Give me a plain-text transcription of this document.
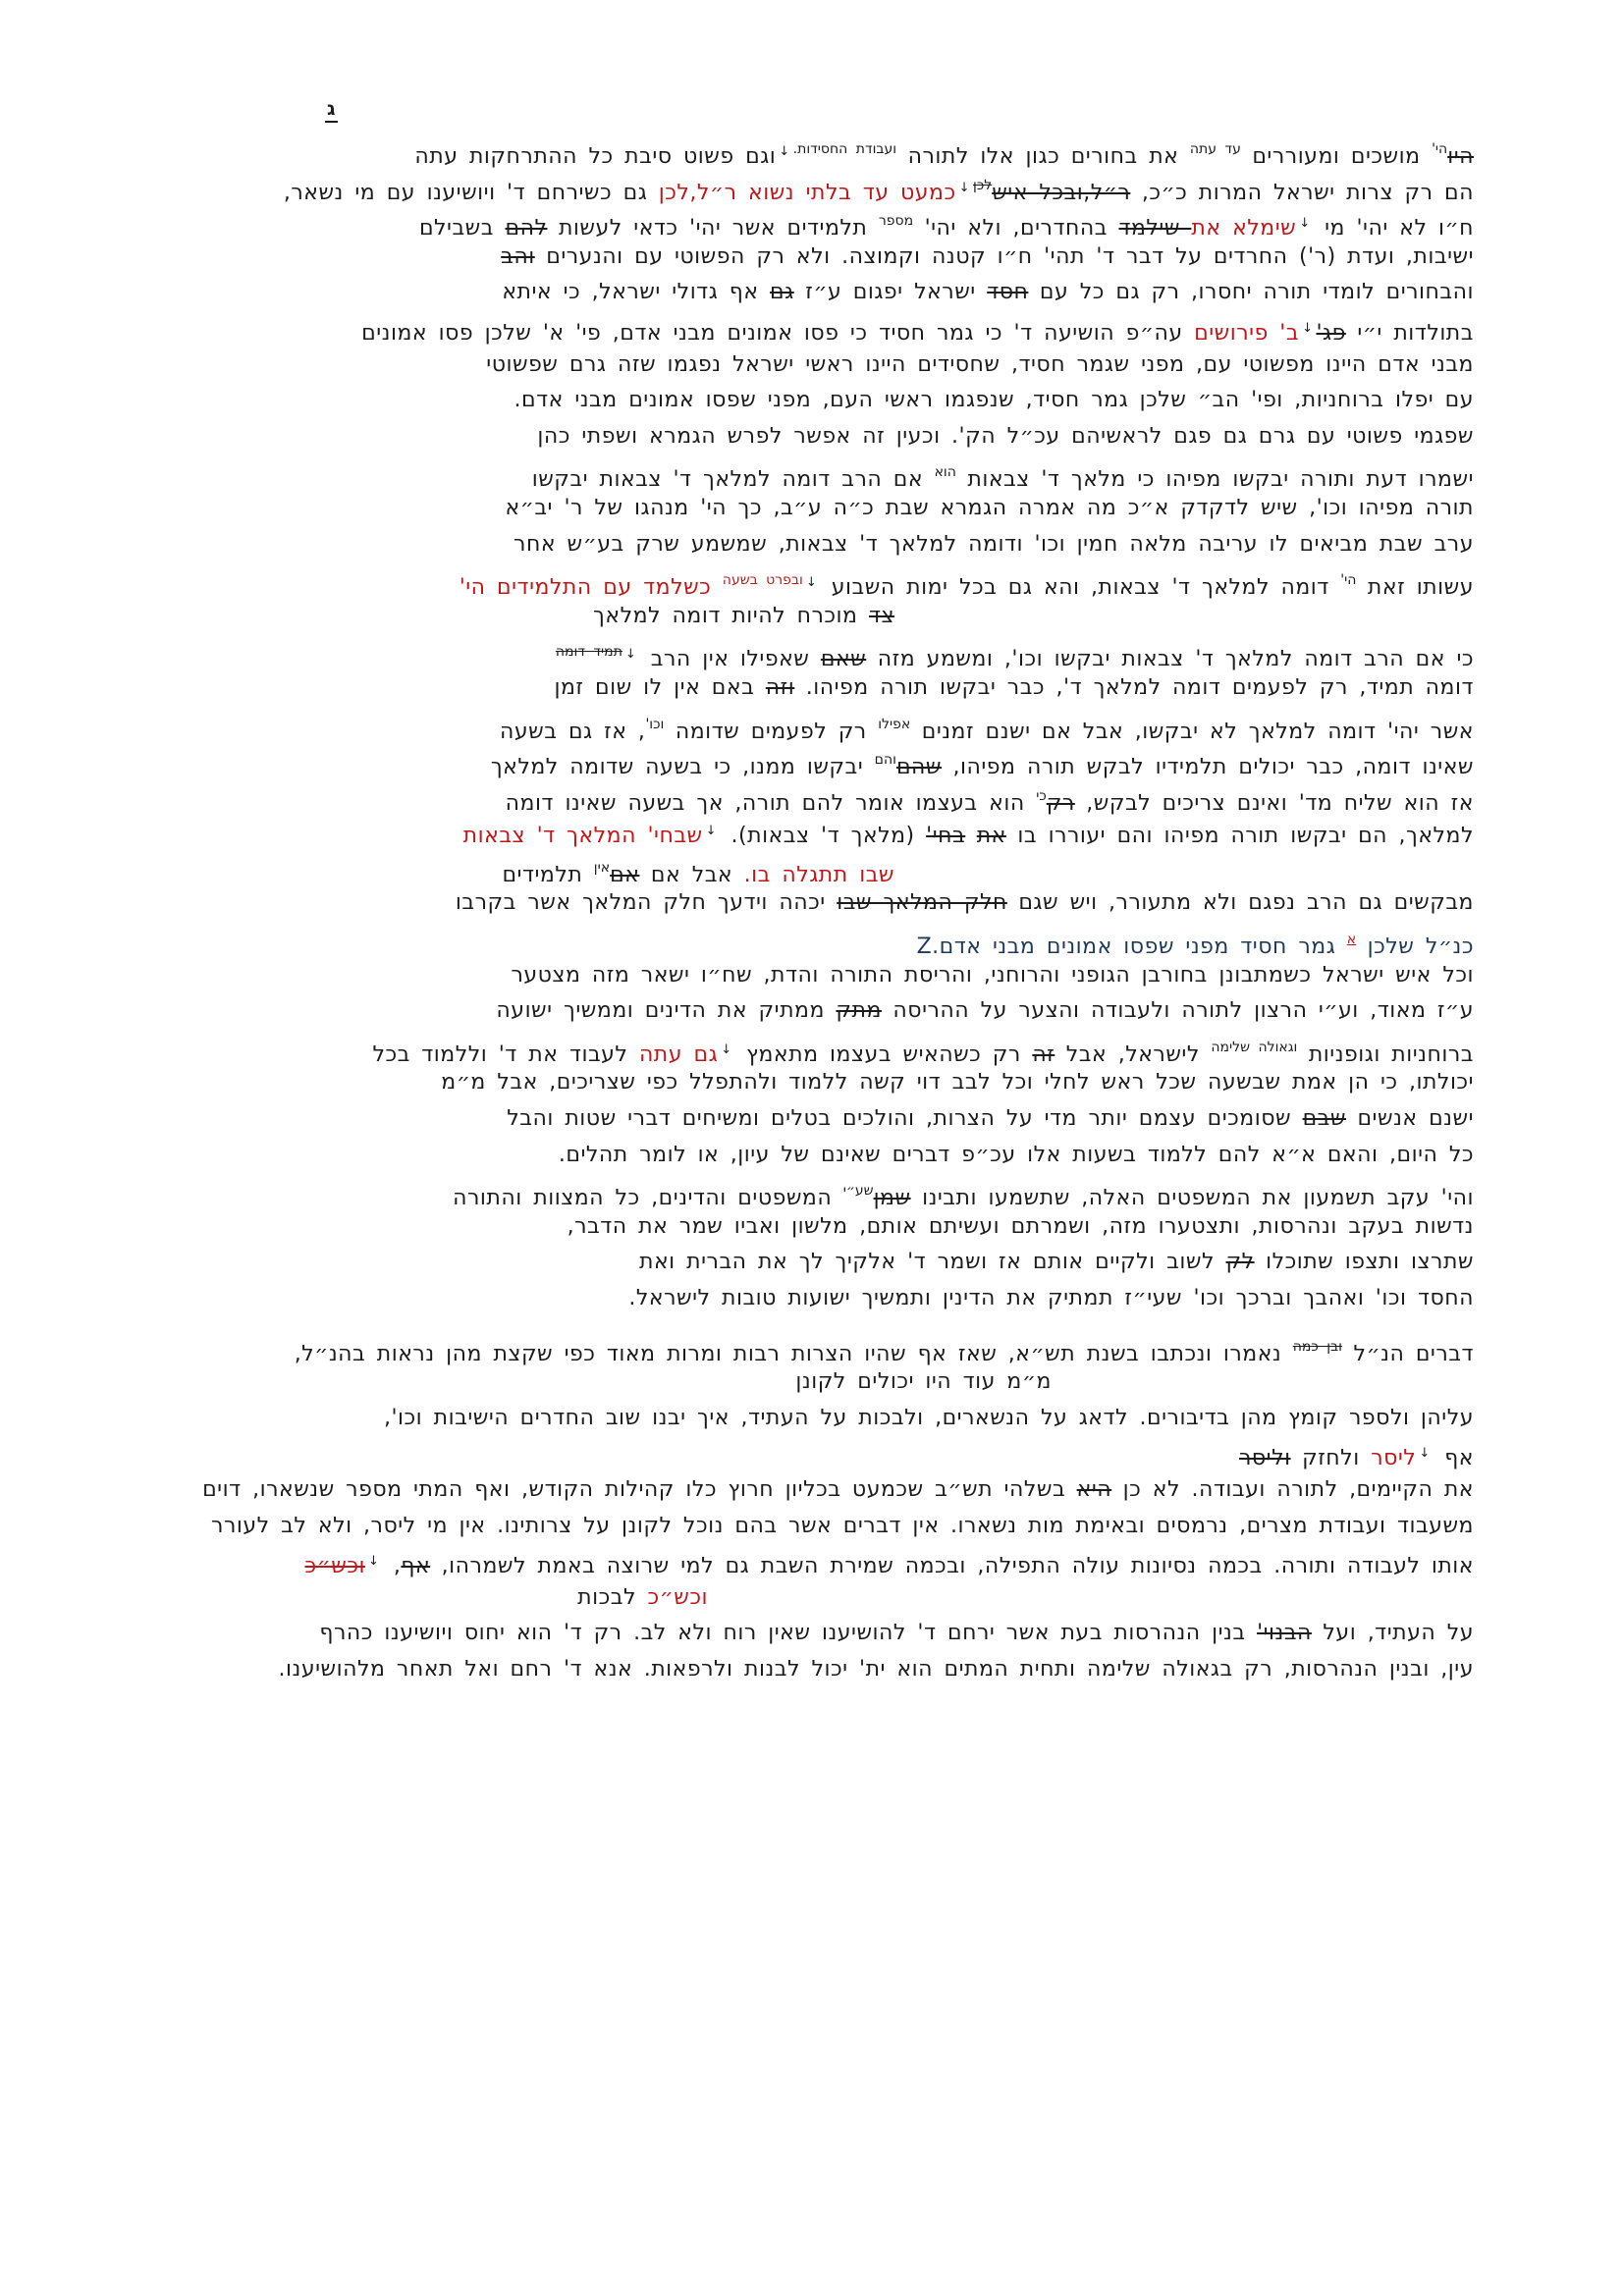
ג
היו$^{הי'}$ מושכים ומעוררים $^{עד עתה}$ את בחורים כגון אלו לתורה $^{ועבודת החסידות.↓}$וגם פשוט סיבת כל ההתרחקות עתה
הם רק צרות ישראל המרות כ״כ, ר״ל,ובכל איש$^{לכן↓}$כמעט עד בלתי נשוא ר״ל,לכן גם כשירחם ד' ויושיענו עם מי נשאר,
ח״ו לא יהי' מי ↓שימלא את שילמד בהחדרים, ולא יהי' $^{מספר}$ תלמידים אשר יהי' כדאי לעשות להם בשבילם
ישיבות, ועדת (ר') החרדים על דבר ד' תהי' ח״ו קטנה וקמוצה. ולא רק הפשוטי עם והנערים והב
והבחורים לומדי תורה יחסרו, רק גם כל עם חסד ישראל יפגום ע״ז גם אף גדולי ישראל, כי איתא
בתולדות י״י פג'↓ב' פירושים עה״פ הושיעה ד' כי גמר חסיד כי פסו אמונים מבני אדם, פי' א' שלכן פסו אמונים
מבני אדם היינו מפשוטי עם, מפני שגמר חסיד, שחסידים היינו ראשי ישראל נפגמו שזה גרם שפשוטי
עם יפלו ברוחניות, ופי' הב״ שלכן גמר חסיד, שנפגמו ראשי העם, מפני שפסו אמונים מבני אדם.
שפגמי פשוטי עם גרם גם פגם לראשיהם עכ״ל הק'. וכעין זה אפשר לפרש הגמרא ושפתי כהן
ישמרו דעת ותורה יבקשו מפיהו כי מלאך ד' צבאות $^{הוא}$ אם הרב דומה למלאך ד' צבאות יבקשו
תורה מפיהו וכו', שיש לדקדק א״כ מה אמרה הגמרא שבת כ״ה ע״ב, כך הי' מנהגו של ר' יב״א
ערב שבת מביאים לו עריבה מלאה חמין וכו' ודומה למלאך ד' צבאות, שמשמע שרק בע״ש אחר
עשותו זאת $^{הי'}$ דומה למלאך ד' צבאות, והא גם בכל ימות השבוע $^{↓ובפרט בשעה}$ כשלמד עם התלמידים הי'
צד מוכרח להיות דומה למלאך
כי אם הרב דומה למלאך ד' צבאות יבקשו וכו', ומשמע מזה שאם שאפילו אין הרב $^{↓תמיד דומה}$
דומה תמיד, רק לפעמים דומה למלאך ד', כבר יבקשו תורה מפיהו. וזה באם אין לו שום זמן
אשר יהי' דומה למלאך לא יבקשו, אבל אם ישנם זמנים $^{אפילו}$ רק לפעמים שדומה $^{וכו'}$, אז גם בשעה
שאינו דומה, כבר יכולים תלמידיו לבקש תורה מפיהו, שהם$^{והם}$ יבקשו ממנו, כי בשעה שדומה למלאך
אז הוא שליח מד' ואינם צריכים לבקש, רק$^{כי}$ הוא בעצמו אומר להם תורה, אך בשעה שאינו דומה
למלאך, הם יבקשו תורה מפיהו והם יעוררו בו את בחי' (מלאך ד' צבאות). ↓שבחי' המלאך ד' צבאות
שבו תתגלה בו. אבל אם אם$^{אין}$ תלמידים
מבקשים גם הרב נפגם ולא מתעורר, ויש שגם חלק המלאך שבו יכהה וידעך חלק המלאך אשר בקרבו
כנ״ל שלכן $^א$ גמר חסיד מפני שפסו אמונים מבני אדם.Z
וכל איש ישראל כשמתבונן בחורבן הגופני והרוחני, והריסת התורה והדת, שח״ו ישאר מזה מצטער
ע״ז מאוד, וע״י הרצון לתורה ולעבודה והצער על ההריסה מתק ממתיק את הדינים וממשיך ישועה
ברוחניות וגופניות $^{וגאולה שלימה}$ לישראל, אבל זה רק כשהאיש בעצמו מתאמץ ↓גם עתה לעבוד את ד' וללמוד בכל
יכולתו, כי הן אמת שבשעה שכל ראש לחלי וכל לבב דוי קשה ללמוד ולהתפלל כפי שצריכים, אבל מ״מ
ישנם אנשים שבם שסומכים עצמם יותר מדי על הצרות, והולכים בטלים ומשיחים דברי שטות והבל
כל היום, והאם א״א להם ללמוד בשעות אלו עכ״פ דברים שאינם של עיון, או לומר תהלים.
והי' עקב תשמעון את המשפטים האלה, שתשמעו ותבינו שמן$^{שע״י}$ המשפטים והדינים, כל המצוות והתורה
נדשות בעקב ונהרסות, ותצטערו מזה, ושמרתם ועשיתם אותם, מלשון ואביו שמר את הדבר,
שתרצו ותצפו שתוכלו לק לשוב ולקיים אותם אז ושמר ד' אלקיך לך את הברית ואת
החסד וכו' ואהבך וברכך וכו' שעי״ז תמתיק את הדינין ותמשיך ישועות טובות לישראל.
דברים הנ״ל $^{ובן כמה}$ נאמרו ונכתבו בשנת תש״א, שאז אף שהיו הצרות רבות ומרות מאוד כפי שקצת מהן נראות בהנ״ל,
מ״מ עוד היו יכולים לקונן
עליהן ולספר קומץ מהן בדיבורים. לדאג על הנשארים, ולבכות על העתיד, איך יבנו שוב החדרים הישיבות וכו',
אף ↓ליסר ולחזק וליסר
את הקיימים, לתורה ועבודה. לא כן היא בשלהי תש״ב שכמעט בכליון חרוץ כלו קהילות הקודש, ואף המתי מספר שנשארו, דוים
משעבוד ועבודת מצרים, נרמסים ובאימת מות נשארו. אין דברים אשר בהם נוכל לקונן על צרותינו. אין מי ליסר, ולא לב לעורר
אותו לעבודה ותורה. בכמה נסיונות עולה התפילה, ובכמה שמירת השבת גם למי שרוצה באמת לשמרהו, אף, ↓וכש״כ
וכש״כ לבכות
על העתיד, ועל הבנוי' בנין הנהרסות בעת אשר ירחם ד' להושיענו שאין רוח ולא לב. רק ד' הוא יחוס ויושיענו כהרף
עין, ובנין הנהרסות, רק בגאולה שלימה ותחית המתים הוא ית' יכול לבנות ולרפאות. אנא ד' רחם ואל תאחר מלהושיענו.
